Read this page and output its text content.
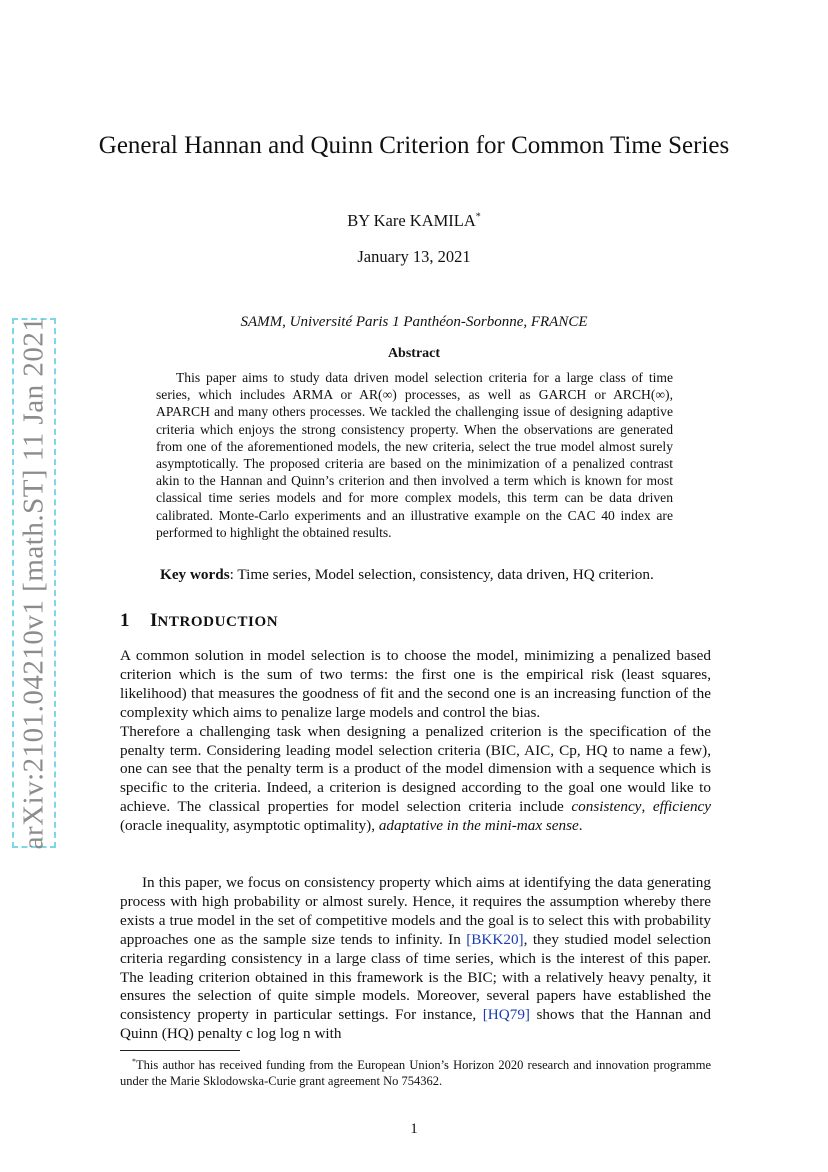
arXiv:2101.04210v1 [math.ST] 11 Jan 2021
General Hannan and Quinn Criterion for Common Time Series
BY Kare KAMILA*
January 13, 2021
SAMM, Université Paris 1 Panthéon-Sorbonne, FRANCE
Abstract

This paper aims to study data driven model selection criteria for a large class of time series, which includes ARMA or AR(∞) processes, as well as GARCH or ARCH(∞), APARCH and many others processes. We tackled the challenging issue of designing adaptive criteria which enjoys the strong consistency property. When the observations are generated from one of the aforementioned models, the new criteria, select the true model almost surely asymptotically. The proposed criteria are based on the minimization of a penalized contrast akin to the Hannan and Quinn’s criterion and then involved a term which is known for most classical time series models and for more complex models, this term can be data driven calibrated. Monte-Carlo experiments and an illustrative example on the CAC 40 index are performed to highlight the obtained results.

Key words: Time series, Model selection, consistency, data driven, HQ criterion.

1 INTRODUCTION
A common solution in model selection is to choose the model, minimizing a penalized based criterion which is the sum of two terms: the first one is the empirical risk (least squares, likelihood) that measures the goodness of fit and the second one is an increasing function of the complexity which aims to penalize large models and control the bias.
Therefore a challenging task when designing a penalized criterion is the specification of the penalty term. Considering leading model selection criteria (BIC, AIC, Cp, HQ to name a few), one can see that the penalty term is a product of the model dimension with a sequence which is specific to the criteria. Indeed, a criterion is designed according to the goal one would like to achieve. The classical properties for model selection criteria include consistency, efficiency (oracle inequality, asymptotic optimality), adaptative in the mini-max sense.
In this paper, we focus on consistency property which aims at identifying the data generating process with high probability or almost surely. Hence, it requires the assumption whereby there exists a true model in the set of competitive models and the goal is to select this with probability approaches one as the sample size tends to infinity. In [ BKK20 ] , they studied model selection criteria regarding consistency in a large class of time series, which is the interest of this paper. The leading criterion obtained in this framework is the BIC; with a relatively heavy penalty, it ensures the selection of quite simple models. Moreover, several papers have established the consistency property in particular settings. For instance, [ HQ79 ] shows that the Hannan and Quinn (HQ) penalty c log log n with

*This author has received funding from the European Union’s Horizon 2020 research and innovation programme under the Marie Sklodowska-Curie grant agreement No 754362.

1
